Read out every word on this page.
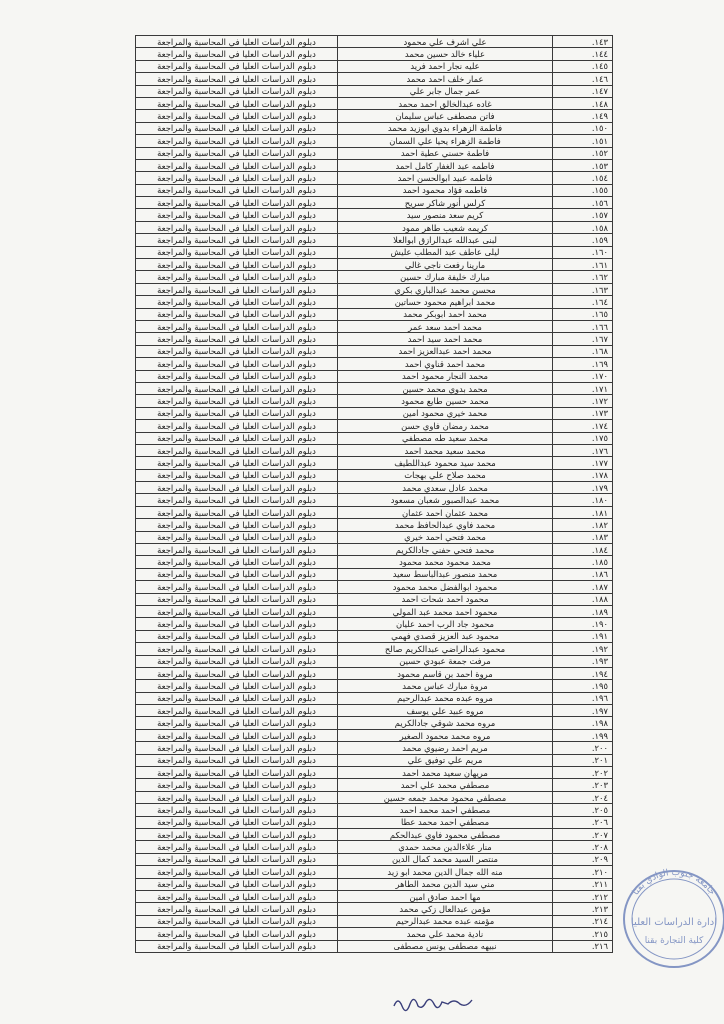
١٤٣.	علي اشرف علي محمود	دبلوم الدراسات العليا في المحاسبة والمراجعة
١٤٤.	علياء خالد حسين محمد	دبلوم الدراسات العليا في المحاسبة والمراجعة
١٤٥.	عليه نجار احمد فريد	دبلوم الدراسات العليا في المحاسبة والمراجعة
١٤٦.	عمار خلف احمد محمد	دبلوم الدراسات العليا في المحاسبة والمراجعة
١٤٧.	عمر جمال جابر علي	دبلوم الدراسات العليا في المحاسبة والمراجعة
١٤٨.	غاده عبدالخالق احمد محمد	دبلوم الدراسات العليا في المحاسبة والمراجعة
١٤٩.	فاتن مصطفى عباس سليمان	دبلوم الدراسات العليا في المحاسبة والمراجعة
١٥٠.	فاطمة الزهراء بدوي ابوزيد محمد	دبلوم الدراسات العليا في المحاسبة والمراجعة
١٥١.	فاطمة الزهراء يحيا علي السمان	دبلوم الدراسات العليا في المحاسبة والمراجعة
١٥٢.	فاطمة حسني عطية احمد	دبلوم الدراسات العليا في المحاسبة والمراجعة
١٥٣.	فاطمه عبد الغفار كامل احمد	دبلوم الدراسات العليا في المحاسبة والمراجعة
١٥٤.	فاطمه عبيد ابوالحسن احمد	دبلوم الدراسات العليا في المحاسبة والمراجعة
١٥٥.	فاطمه فؤاد محمود احمد	دبلوم الدراسات العليا في المحاسبة والمراجعة
١٥٦.	كرلس أنور شاكر سريح	دبلوم الدراسات العليا في المحاسبة والمراجعة
١٥٧.	كريم سعد منصور سيد	دبلوم الدراسات العليا في المحاسبة والمراجعة
١٥٨.	كريمه شعيب طاهر ممود	دبلوم الدراسات العليا في المحاسبة والمراجعة
١٥٩.	لبنى عبدالله عبدالرازق ابوالعلا	دبلوم الدراسات العليا في المحاسبة والمراجعة
١٦٠.	ليلى عاطف عبد المطلب عليش	دبلوم الدراسات العليا في المحاسبة والمراجعة
١٦١.	مارينا رفعت ناجي غالي	دبلوم الدراسات العليا في المحاسبة والمراجعة
١٦٢.	مبارك خليفة مبارك حسين	دبلوم الدراسات العليا في المحاسبة والمراجعة
١٦٣.	محسن محمد عبدالباري بكري	دبلوم الدراسات العليا في المحاسبة والمراجعة
١٦٤.	محمد ابراهيم محمود حساتين	دبلوم الدراسات العليا في المحاسبة والمراجعة
١٦٥.	محمد احمد ابوبكر محمد	دبلوم الدراسات العليا في المحاسبة والمراجعة
١٦٦.	محمد احمد سعد عمر	دبلوم الدراسات العليا في المحاسبة والمراجعة
١٦٧.	محمد احمد سيد احمد	دبلوم الدراسات العليا في المحاسبة والمراجعة
١٦٨.	محمد احمد عبدالعزيز احمد	دبلوم الدراسات العليا في المحاسبة والمراجعة
١٦٩.	محمد احمد قناوي احمد	دبلوم الدراسات العليا في المحاسبة والمراجعة
١٧٠.	محمد النجار محمود احمد	دبلوم الدراسات العليا في المحاسبة والمراجعة
١٧١.	محمد بدوي محمد حسين	دبلوم الدراسات العليا في المحاسبة والمراجعة
١٧٢.	محمد حسين طايع محمود	دبلوم الدراسات العليا في المحاسبة والمراجعة
١٧٣.	محمد خيري محمود امين	دبلوم الدراسات العليا في المحاسبة والمراجعة
١٧٤.	محمد رمضان فاوي حسن	دبلوم الدراسات العليا في المحاسبة والمراجعة
١٧٥.	محمد سعيد طه مصطفي	دبلوم الدراسات العليا في المحاسبة والمراجعة
١٧٦.	محمد سعيد محمد احمد	دبلوم الدراسات العليا في المحاسبة والمراجعة
١٧٧.	محمد سيد محمود عبداللطيف	دبلوم الدراسات العليا في المحاسبة والمراجعة
١٧٨.	محمد صلاح علي بهجات	دبلوم الدراسات العليا في المحاسبة والمراجعة
١٧٩.	محمد عادل سعدي محمد	دبلوم الدراسات العليا في المحاسبة والمراجعة
١٨٠.	محمد عبدالصبور شعبان مسعود	دبلوم الدراسات العليا في المحاسبة والمراجعة
١٨١.	محمد عثمان احمد عثمان	دبلوم الدراسات العليا في المحاسبة والمراجعة
١٨٢.	محمد فاوي عبدالحافظ محمد	دبلوم الدراسات العليا في المحاسبة والمراجعة
١٨٣.	محمد فتحي احمد خيري	دبلوم الدراسات العليا في المحاسبة والمراجعة
١٨٤.	محمد فتحي حفني جادالكريم	دبلوم الدراسات العليا في المحاسبة والمراجعة
١٨٥.	محمد محمود محمد محمود	دبلوم الدراسات العليا في المحاسبة والمراجعة
١٨٦.	محمد منصور عبدالباسط سعيد	دبلوم الدراسات العليا في المحاسبة والمراجعة
١٨٧.	محمود ابوالفضل محمد محمود	دبلوم الدراسات العليا في المحاسبة والمراجعة
١٨٨.	محمود احمد شحات احمد	دبلوم الدراسات العليا في المحاسبة والمراجعة
١٨٩.	محمود احمد محمد عبد المولي	دبلوم الدراسات العليا في المحاسبة والمراجعة
١٩٠.	محمود جاد الرب احمد عليان	دبلوم الدراسات العليا في المحاسبة والمراجعة
١٩١.	محمود عبد العزيز قصدي فهمي	دبلوم الدراسات العليا في المحاسبة والمراجعة
١٩٢.	محمود عبدالراضي عبدالكريم صالح	دبلوم الدراسات العليا في المحاسبة والمراجعة
١٩٣.	مرفت جمعة عبودي حسين	دبلوم الدراسات العليا في المحاسبة والمراجعة
١٩٤.	مروة احمد بن قاسم محمود	دبلوم الدراسات العليا في المحاسبة والمراجعة
١٩٥.	مروة مبارك عباس محمد	دبلوم الدراسات العليا في المحاسبة والمراجعة
١٩٦.	مروه عبده محمد عبدالرحيم	دبلوم الدراسات العليا في المحاسبة والمراجعة
١٩٧.	مروه عبيد علي يوسف	دبلوم الدراسات العليا في المحاسبة والمراجعة
١٩٨.	مروه محمد شوقي جادالكريم	دبلوم الدراسات العليا في المحاسبة والمراجعة
١٩٩.	مروه محمد محمود الصغير	دبلوم الدراسات العليا في المحاسبة والمراجعة
٢٠٠.	مريم احمد رضيوي محمد	دبلوم الدراسات العليا في المحاسبة والمراجعة
٢٠١.	مريم علي توفيق علي	دبلوم الدراسات العليا في المحاسبة والمراجعة
٢٠٢.	مريهان سعيد محمد احمد	دبلوم الدراسات العليا في المحاسبة والمراجعة
٢٠٣.	مصطفي محمد علي احمد	دبلوم الدراسات العليا في المحاسبة والمراجعة
٢٠٤.	مصطفي محمود محمد جمعه حسين	دبلوم الدراسات العليا في المحاسبة والمراجعة
٢٠٥.	مصطفي احمد محمد احمد	دبلوم الدراسات العليا في المحاسبة والمراجعة
٢٠٦.	مصطفي احمد محمد عطا	دبلوم الدراسات العليا في المحاسبة والمراجعة
٢٠٧.	مصطفي محمود فاوي عبدالحكم	دبلوم الدراسات العليا في المحاسبة والمراجعة
٢٠٨.	منار علاءالدين محمد حمدي	دبلوم الدراسات العليا في المحاسبة والمراجعة
٢٠٩.	منتصر السيد محمد كمال الدين	دبلوم الدراسات العليا في المحاسبة والمراجعة
٢١٠.	منه الله جمال الدين محمد ابو زيد	دبلوم الدراسات العليا في المحاسبة والمراجعة
٢١١.	مني سيد الدين محمد الطاهر	دبلوم الدراسات العليا في المحاسبة والمراجعة
٢١٢.	مها احمد صادق امين	دبلوم الدراسات العليا في المحاسبة والمراجعة
٢١٣.	مؤمن عبدالعال زكي محمد	دبلوم الدراسات العليا في المحاسبة والمراجعة
٢١٤.	مؤمنه عبده محمد عبدالرحيم	دبلوم الدراسات العليا في المحاسبة والمراجعة
٢١٥.	نادية محمد علي محمد	دبلوم الدراسات العليا في المحاسبة والمراجعة
٢١٦.	نبيهه مصطفى يونس مصطفى	دبلوم الدراسات العليا في المحاسبة والمراجعة
جامعة جنوب الوادي بقنا
ادارة الدراسات العليا
كلية التجارة بقنا
